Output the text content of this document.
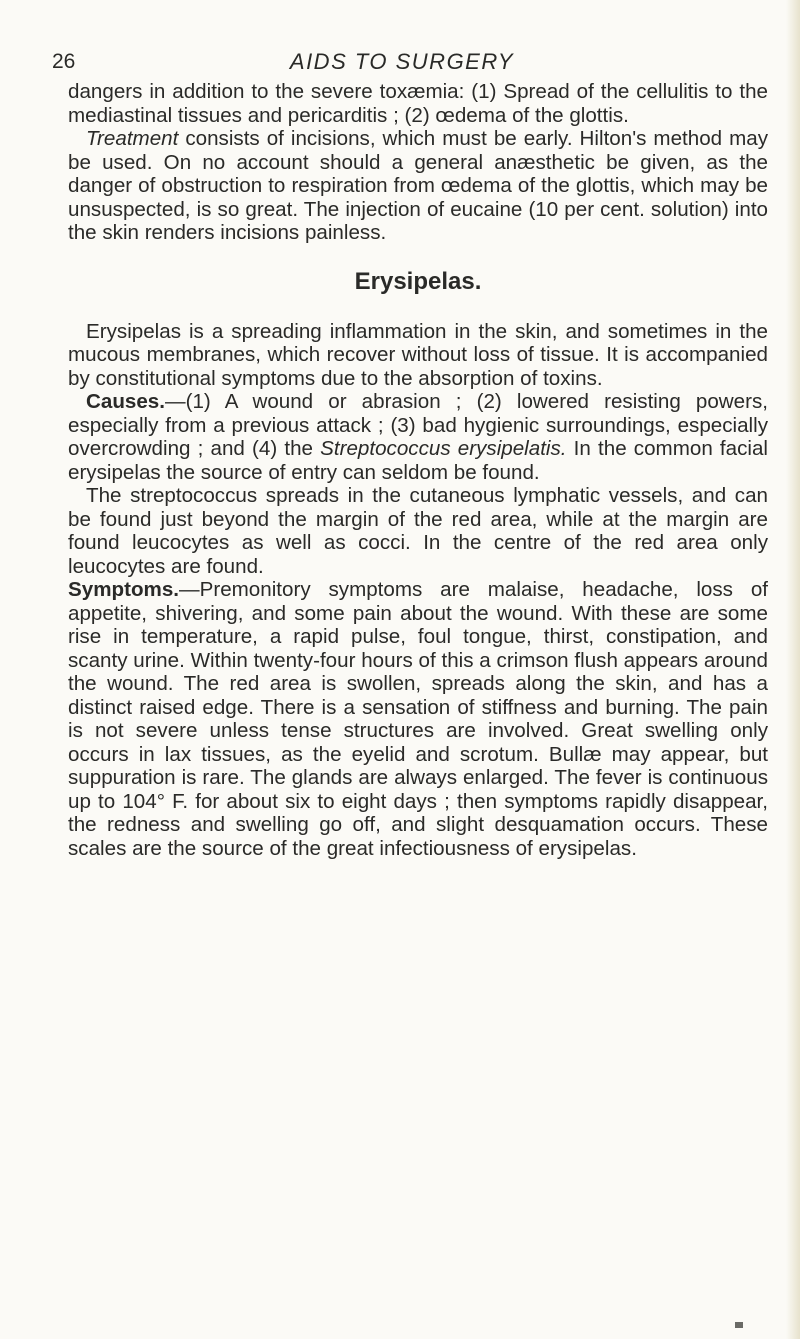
26	AIDS TO SURGERY

dangers in addition to the severe toxæmia: (1) Spread of the cellulitis to the mediastinal tissues and pericarditis ; (2) œdema of the glottis.

Treatment consists of incisions, which must be early. Hilton's method may be used. On no account should a general anæsthetic be given, as the danger of obstruction to respiration from œdema of the glottis, which may be unsuspected, is so great. The injection of eucaine (10 per cent. solution) into the skin renders incisions painless.

Erysipelas.

Erysipelas is a spreading inflammation in the skin, and sometimes in the mucous membranes, which recover without loss of tissue. It is accompanied by constitutional symptoms due to the absorption of toxins.

Causes.—(1) A wound or abrasion ; (2) lowered resisting powers, especially from a previous attack ; (3) bad hygienic surroundings, especially overcrowding ; and (4) the Streptococcus erysipelatis. In the common facial erysipelas the source of entry can seldom be found.

The streptococcus spreads in the cutaneous lymphatic vessels, and can be found just beyond the margin of the red area, while at the margin are found leucocytes as well as cocci. In the centre of the red area only leucocytes are found.

Symptoms.—Premonitory symptoms are malaise, headache, loss of appetite, shivering, and some pain about the wound. With these are some rise in temperature, a rapid pulse, foul tongue, thirst, constipation, and scanty urine. Within twenty-four hours of this a crimson flush appears around the wound. The red area is swollen, spreads along the skin, and has a distinct raised edge. There is a sensation of stiffness and burning. The pain is not severe unless tense structures are involved. Great swelling only occurs in lax tissues, as the eyelid and scrotum. Bullæ may appear, but suppuration is rare. The glands are always enlarged. The fever is continuous up to 104° F. for about six to eight days ; then symptoms rapidly disappear, the redness and swelling go off, and slight desquamation occurs. These scales are the source of the great infectiousness of erysipelas.
